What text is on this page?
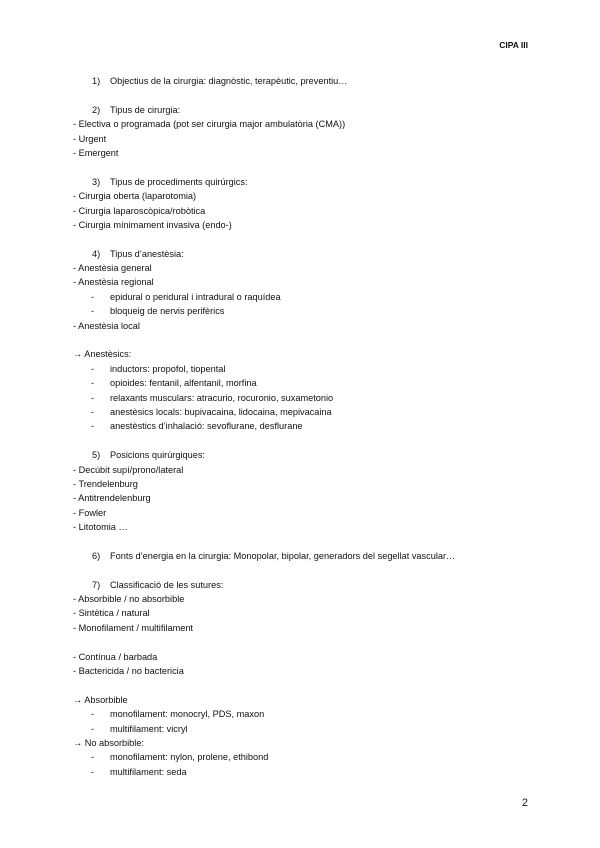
CIPA III
1) Objectius de la cirurgia: diagnòstic, terapèutic, preventiu…
2) Tipus de cirurgia:
- Electiva o programada (pot ser cirurgia major ambulatòria (CMA))
- Urgent
- Emergent
3) Tipus de procediments quirúrgics:
- Cirurgia oberta (laparotomia)
- Cirurgia laparoscòpica/robòtica
- Cirurgia mínimament invasiva (endo-)
4) Tipus d’anestèsia:
- Anestèsia general
- Anestèsia regional
- epidural o peridural i intradural o raquídea
- bloqueig de nervis perifèrics
- Anestèsia local
→ Anestèsics:
- inductors: propofol, tiopental
- opioides: fentanil, alfentanil, morfina
- relaxants musculars: atracurio, rocuronio, suxametonio
- anestèsics locals: bupivacaina, lidocaina, mepivacaina
- anestèstics d’inhalació: sevoflurane, desflurane
5) Posicions quirúrgiques:
- Decúbit supí/prono/lateral
- Trendelenburg
- Antitrendelenburg
- Fowler
- Litotomia …
6) Fonts d’energia en la cirurgia: Monopolar, bipolar, generadors del segellat vascular…
7) Classificació de les sutures:
- Absorbible / no absorbible
- Sintètica / natural
- Monofilament / multifilament
- Contínua / barbada
- Bactericida / no bactericia
→ Absorbible
- monofilament: monocryl, PDS, maxon
- multifilament: vicryl
→ No absorbible:
- monofilament: nylon, prolene, ethibond
- multifilament: seda
2
